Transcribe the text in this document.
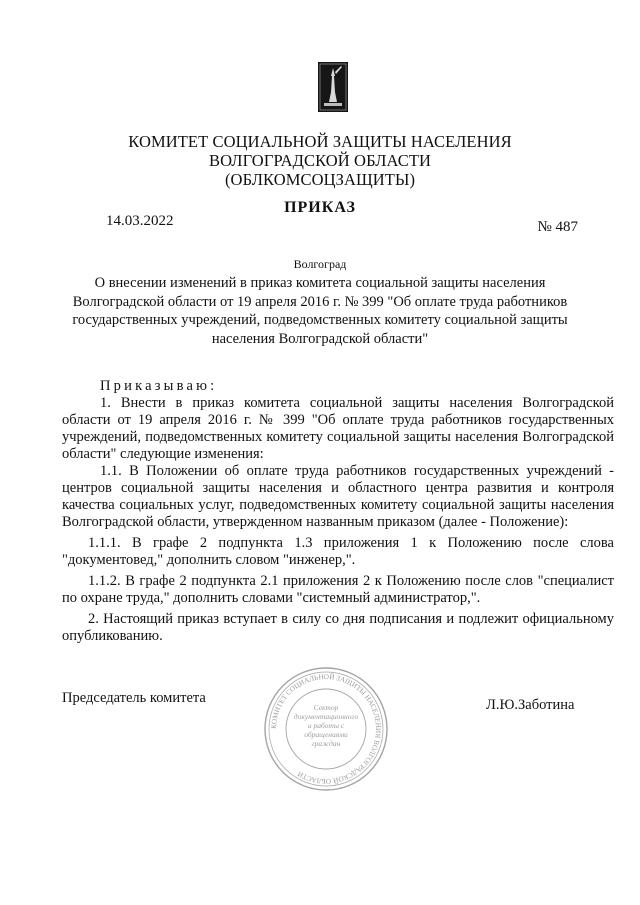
КОМИТЕТ СОЦИАЛЬНОЙ ЗАЩИТЫ НАСЕЛЕНИЯ
ВОЛГОГРАДСКОЙ ОБЛАСТИ
(ОБЛКОМСОЦЗАЩИТЫ)
ПРИКАЗ
14.03.2022	№ 487
Волгоград
О внесении изменений в приказ комитета социальной защиты населения
Волгоградской области от 19 апреля 2016 г. № 399 "Об оплате труда работников
государственных учреждений, подведомственных комитету социальной защиты
населения Волгоградской области"

Приказываю:

1. Внести в приказ комитета социальной защиты населения Волгоградской области от 19 апреля 2016 г. № 399 "Об оплате труда работников государственных учреждений, подведомственных комитету социальной защиты населения Волгоградской области" следующие изменения:

1.1. В Положении об оплате труда работников государственных учреждений - центров социальной защиты населения и областного центра развития и контроля качества социальных услуг, подведомственных комитету социальной защиты населения Волгоградской области, утвержденном названным приказом (далее - Положение):

1.1.1. В графе 2 подпункта 1.3 приложения 1 к Положению после слова "документовед," дополнить словом "инженер,".

1.1.2. В графе 2 подпункта 2.1 приложения 2 к Положению после слов "специалист по охране труда," дополнить словами "системный администратор,".

2. Настоящий приказ вступает в силу со дня подписания и подлежит официальному опубликованию.

Председатель комитета	Л.Ю.Заботина
КОМИТЕТ СОЦИАЛЬНОЙ ЗАЩИТЫ НАСЕЛЕНИЯ ВОЛГОГРАДСКОЙ ОБЛАСТИ
Сектор документационного и работы с обращениями граждан
